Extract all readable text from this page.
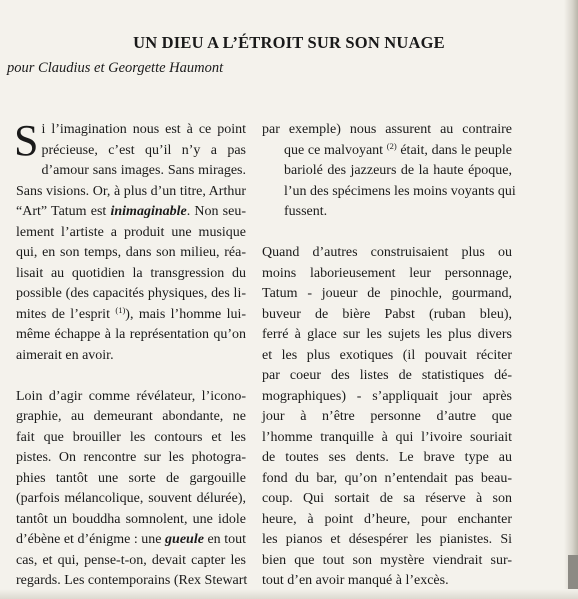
UN DIEU A L’ÉTROIT SUR SON NUAGE

pour Claudius et Georgette Haumont

S i l’imagination nous est à ce point
précieuse, c’est qu’il n’y a pas
d’amour sans images. Sans mirages.
Sans visions. Or, à plus d’un titre, Arthur
“Art” Tatum est inimaginable. Non seu-
lement l’artiste a produit une musique
qui, en son temps, dans son milieu, réa-
lisait au quotidien la transgression du
possible (des capacités physiques, des li-
mites de l’esprit $^{(1)}$), mais l’homme lui-
même échappe à la représentation qu’on
aimerait en avoir.
Loin d’agir comme révélateur, l’icono-
graphie, au demeurant abondante, ne
fait que brouiller les contours et les
pistes. On rencontre sur les photogra-
phies tantôt une sorte de gargouille
(parfois mélancolique, souvent délurée),
tantôt un bouddha somnolent, une idole
d’ébène et d’énigme : une gueule en tout
cas, et qui, pense-t-on, devait capter les
regards. Les contemporains (Rex Stewart
par exemple) nous assurent au contraire
que ce malvoyant $^{(2)}$ était, dans le peuple
bariolé des jazzeurs de la haute époque,
l’un des spécimens les moins voyants qui
fussent.
Quand d’autres construisaient plus ou
moins laborieusement leur personnage,
Tatum - joueur de pinochle, gourmand,
buveur de bière Pabst (ruban bleu),
ferré à glace sur les sujets les plus divers
et les plus exotiques (il pouvait réciter
par coeur des listes de statistiques dé-
mographiques) - s’appliquait jour après
jour à n’être personne d’autre que
l’homme tranquille à qui l’ivoire souriait
de toutes ses dents. Le brave type au
fond du bar, qu’on n’entendait pas beau-
coup. Qui sortait de sa réserve à son
heure, à point d’heure, pour enchanter
les pianos et désespérer les pianistes. Si
bien que tout son mystère viendrait sur-
tout d’en avoir manqué à l’excès.
